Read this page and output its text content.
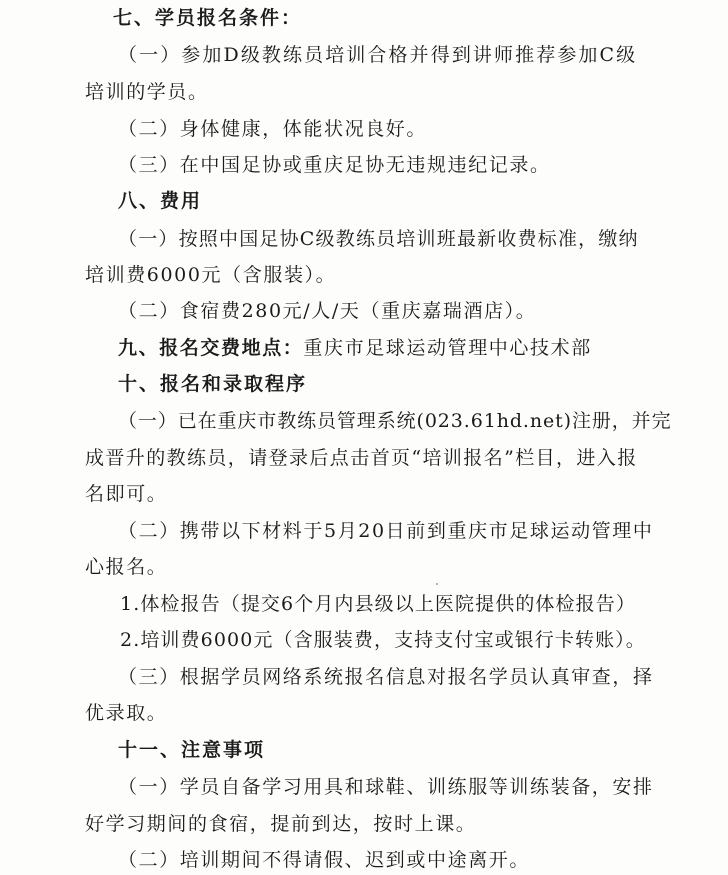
七、学员报名条件：
（一）参加D级教练员培训合格并得到讲师推荐参加C级
培训的学员。
（二）身体健康，体能状况良好。
（三）在中国足协或重庆足协无违规违纪记录。
八、费用
（一）按照中国足协C级教练员培训班最新收费标准，缴纳
培训费6000元（含服装）。
（二）食宿费280元/人/天（重庆嘉瑞酒店）。
九、报名交费地点：重庆市足球运动管理中心技术部
十、报名和录取程序
（一）已在重庆市教练员管理系统(023.61hd.net)注册，并完
成晋升的教练员，请登录后点击首页“培训报名”栏目，进入报
名即可。
（二）携带以下材料于5月20日前到重庆市足球运动管理中
心报名。
1.体检报告（提交6个月内县级以上医院提供的体检报告）
2.培训费6000元（含服装费，支持支付宝或银行卡转账）。
（三）根据学员网络系统报名信息对报名学员认真审查，择
优录取。
十一、注意事项
（一）学员自备学习用具和球鞋、训练服等训练装备，安排
好学习期间的食宿，提前到达，按时上课。
（二）培训期间不得请假、迟到或中途离开。
